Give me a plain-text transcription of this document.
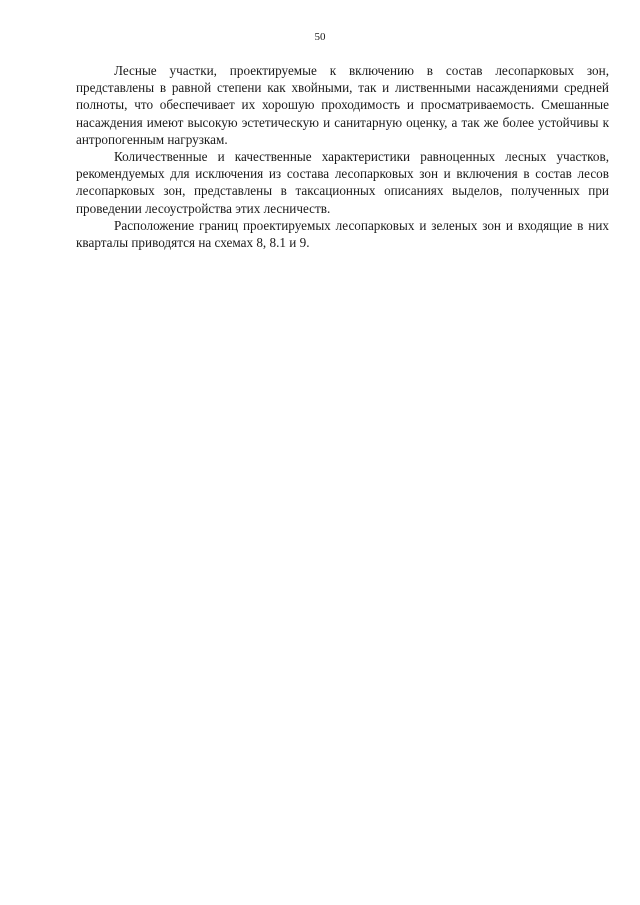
50

Лесные участки, проектируемые к включению в состав лесопарковых зон, представлены в равной степени как хвойными, так и лиственными насаждениями средней полноты, что обеспечивает их хорошую проходимость и просматриваемость. Смешанные насаждения имеют высокую эстетическую и санитарную оценку, а так же более устойчивы к антропогенным нагрузкам.

Количественные и качественные характеристики равноценных лесных участков, рекомендуемых для исключения из состава лесопарковых зон и включения в состав лесов лесопарковых зон, представлены в таксационных описаниях выделов, полученных при проведении лесоустройства этих лесничеств.

Расположение границ проектируемых лесопарковых и зеленых зон и входящие в них кварталы приводятся на схемах 8, 8.1 и 9.
